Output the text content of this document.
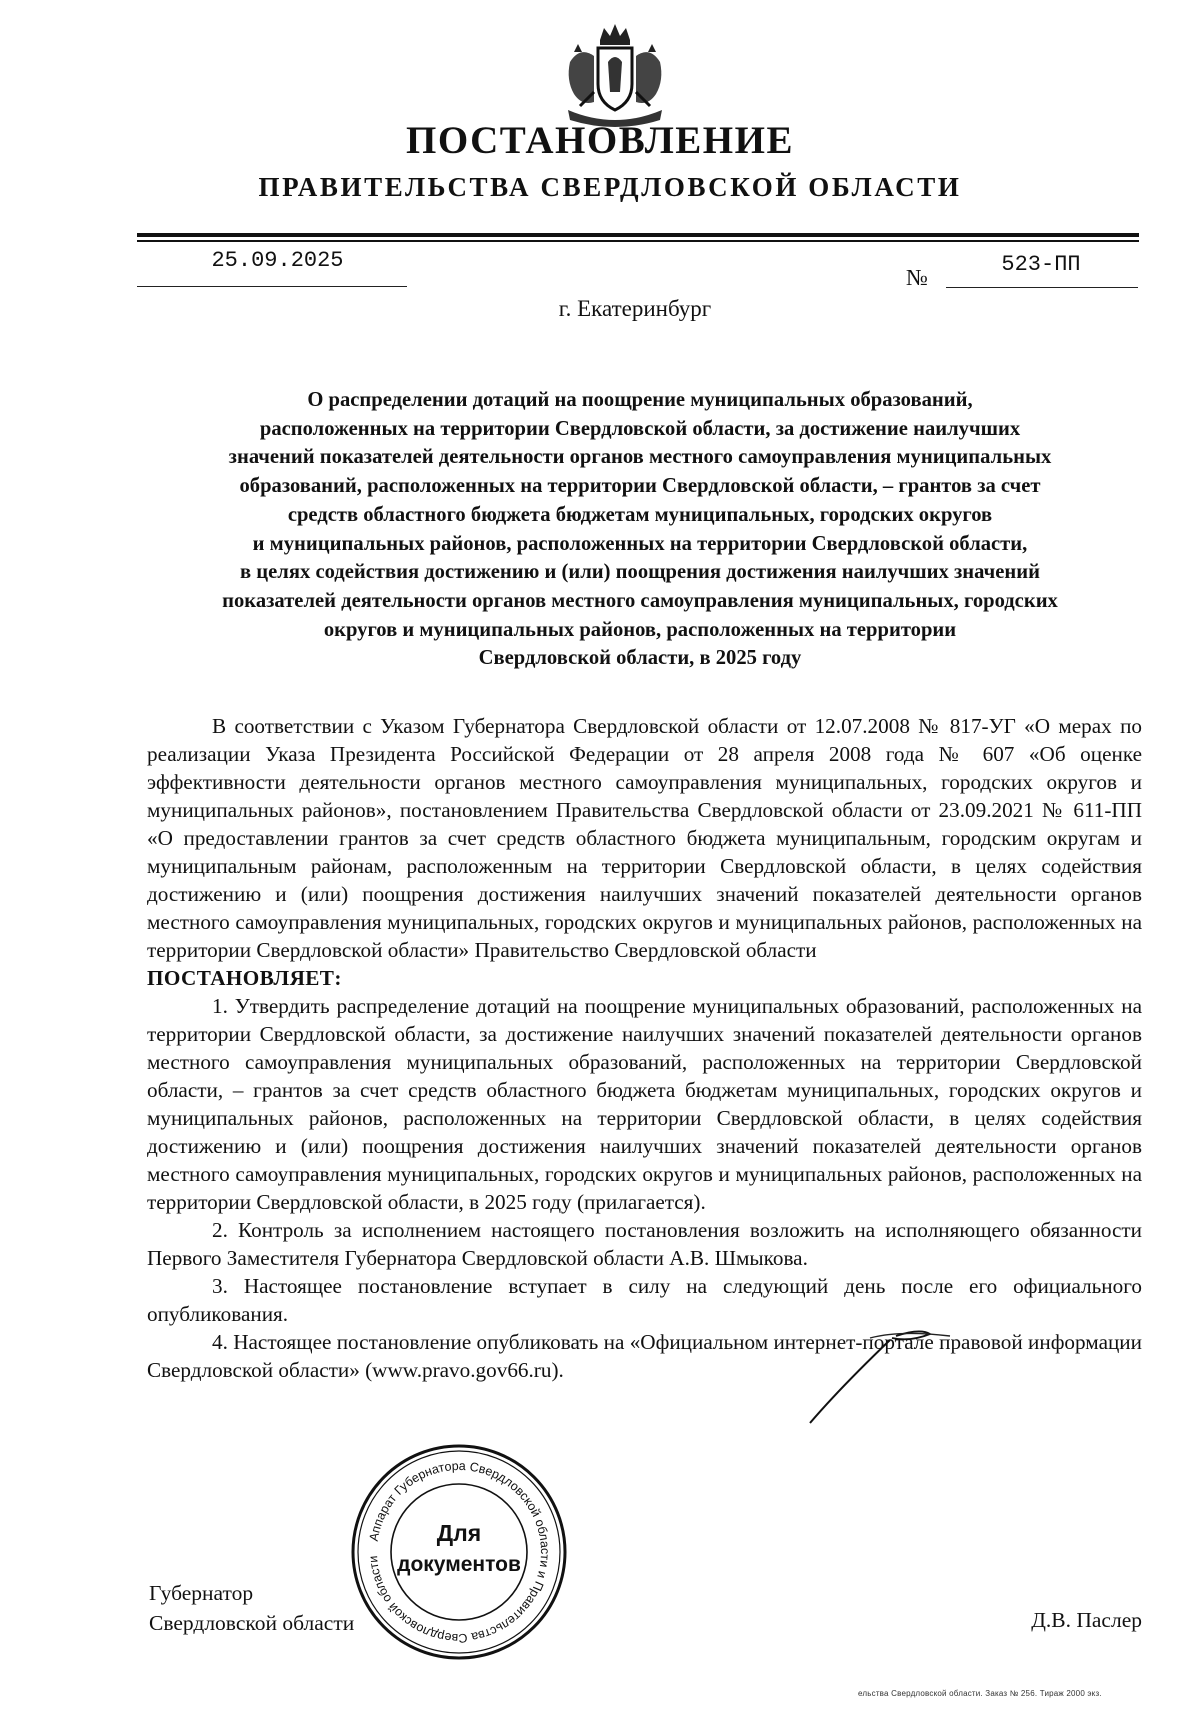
ПОСТАНОВЛЕНИЕ
ПРАВИТЕЛЬСТВА СВЕРДЛОВСКОЙ ОБЛАСТИ
25.09.2025
№
523-ПП
г. Екатеринбург
О распределении дотаций на поощрение муниципальных образований,
расположенных на территории Свердловской области, за достижение наилучших
значений показателей деятельности органов местного самоуправления муниципальных
образований, расположенных на территории Свердловской области, – грантов за счет
средств областного бюджета бюджетам муниципальных, городских округов
и муниципальных районов, расположенных на территории Свердловской области,
в целях содействия достижению и (или) поощрения достижения наилучших значений
показателей деятельности органов местного самоуправления муниципальных, городских
округов и муниципальных районов, расположенных на территории
Свердловской области, в 2025 году

В соответствии с Указом Губернатора Свердловской области от 12.07.2008 № 817-УГ «О мерах по реализации Указа Президента Российской Федерации от 28 апреля 2008 года № 607 «Об оценке эффективности деятельности органов местного самоуправления муниципальных, городских округов и муниципальных районов», постановлением Правительства Свердловской области от 23.09.2021 № 611-ПП «О предоставлении грантов за счет средств областного бюджета муниципальным, городским округам и муниципальным районам, расположенным на территории Свердловской области, в целях содействия достижению и (или) поощрения достижения наилучших значений показателей деятельности органов местного самоуправления муниципальных, городских округов и муниципальных районов, расположенных на территории Свердловской области» Правительство Свердловской области

ПОСТАНОВЛЯЕТ:

1. Утвердить распределение дотаций на поощрение муниципальных образований, расположенных на территории Свердловской области, за достижение наилучших значений показателей деятельности органов местного самоуправления муниципальных образований, расположенных на территории Свердловской области, – грантов за счет средств областного бюджета бюджетам муниципальных, городских округов и муниципальных районов, расположенных на территории Свердловской области, в целях содействия достижению и (или) поощрения достижения наилучших значений показателей деятельности органов местного самоуправления муниципальных, городских округов и муниципальных районов, расположенных на территории Свердловской области, в 2025 году (прилагается).

2. Контроль за исполнением настоящего постановления возложить на исполняющего обязанности Первого Заместителя Губернатора Свердловской области А.В. Шмыкова.

3. Настоящее постановление вступает в силу на следующий день после его официального опубликования.

4. Настоящее постановление опубликовать на «Официальном интернет-портале правовой информации Свердловской области» (www.pravo.gov66.ru).

Аппарат Губернатора Свердловской области и Правительства Свердловской области
Для
документов
Губернатор
Свердловской области	Д.В. Паслер
ельства Свердловской области. Заказ № 256. Тираж 2000 экз.
